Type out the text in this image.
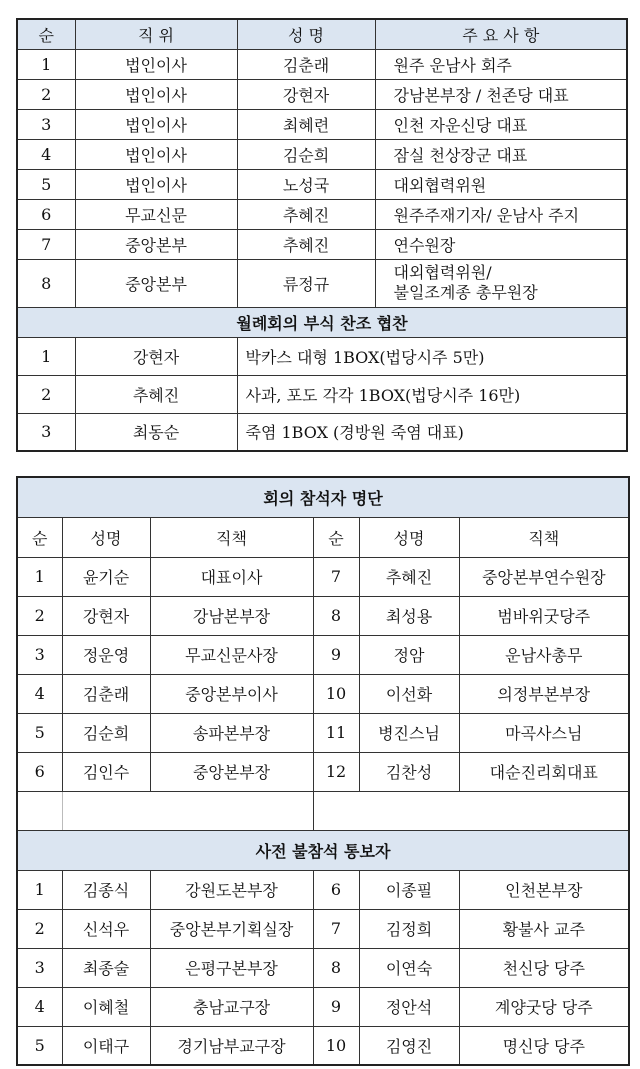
순	직 위	성 명	주 요 사 항
1	법인이사	김춘래	원주 운남사 회주
2	법인이사	강현자	강남본부장 / 천존당 대표
3	법인이사	최혜련	인천 자운신당 대표
4	법인이사	김순희	잠실 천상장군 대표
5	법인이사	노성국	대외협력위원
6	무교신문	추혜진	원주주재기자/ 운남사 주지
7	중앙본부	추혜진	연수원장
8	중앙본부	류정규	대외협력위원/
불일조계종 총무원장

월례회의 부식 찬조 협찬			
1	강현자	박카스 대형 1BOX(법당시주 5만)	
2	추혜진	사과, 포도 각각 1BOX(법당시주 16만)	
3	최동순	죽염 1BOX (경방원 죽염 대표)	
회의 참석자 명단					
순	성명	직책	순	성명	직책
1	윤기순	대표이사	7	추혜진	중앙본부연수원장
2	강현자	강남본부장	8	최성용	범바위굿당주
3	정운영	무교신문사장	9	정암	운남사총무
4	김춘래	중앙본부이사	10	이선화	의정부본부장
5	김순희	송파본부장	11	병진스님	마곡사스님
6	김인수	중앙본부장	12	김찬성	대순진리회대표

사전 불참석 통보자					
1	김종식	강원도본부장	6	이종필	인천본부장
2	신석우	중앙본부기획실장	7	김정희	황불사 교주
3	최종술	은평구본부장	8	이연숙	천신당 당주
4	이혜철	충남교구장	9	정안석	계양굿당 당주
5	이태구	경기남부교구장	10	김영진	명신당 당주
